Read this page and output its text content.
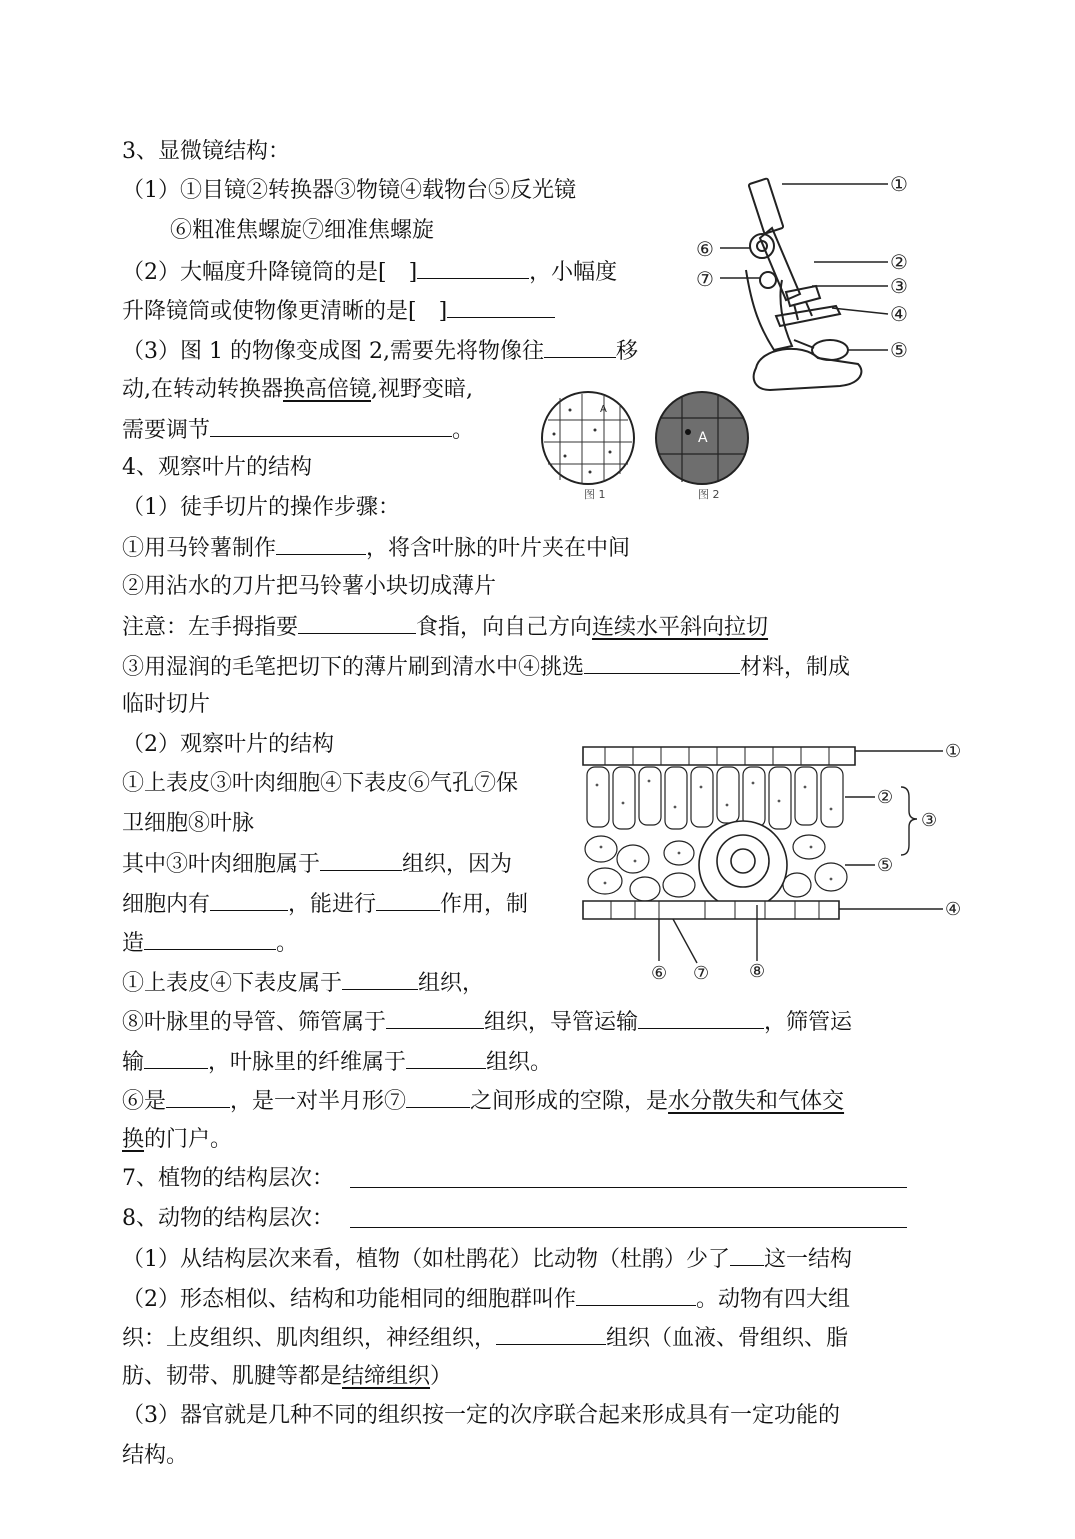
3、显微镜结构：
（1）①目镜②转换器③物镜④载物台⑤反光镜
⑥粗准焦螺旋⑦细准焦螺旋
（2）大幅度升降镜筒的是[　]	，小幅度
升降镜筒或使物像更清晰的是[　]
（3）图 1 的物像变成图 2,需要先将物像往	移
动,在转动转换器换高倍镜,视野变暗,
需要调节	。
①
②
③
④
⑤
⑥
⑦
A
A
图 1	图 2
4、观察叶片的结构
（1）徒手切片的操作步骤：
①用马铃薯制作	，将含叶脉的叶片夹在中间
②用沾水的刀片把马铃薯小块切成薄片
注意：左手拇指要	食指，向自己方向连续水平斜向拉切
③用湿润的毛笔把切下的薄片刷到清水中④挑选	材料，制成
临时切片
（2）观察叶片的结构
①上表皮③叶肉细胞④下表皮⑥气孔⑦保
卫细胞⑧叶脉
其中③叶肉细胞属于	组织，因为
细胞内有	，能进行	作用，制
造	。
①上表皮④下表皮属于	组织，
⑧叶脉里的导管、筛管属于	组织，导管运输	，筛管运
输	，叶脉里的纤维属于	组织。
⑥是	，是一对半月形⑦	之间形成的空隙，是水分散失和气体交
换的门户。
①
②
③
⑤
④
⑥ ⑦ ⑧
7、植物的结构层次：
8、动物的结构层次：
（1）从结构层次来看，植物（如杜鹃花）比动物（杜鹃）少了 这一结构
（2）形态相似、结构和功能相同的细胞群叫作	。动物有四大组
织：上皮组织、肌肉组织，神经组织，	组织（血液、骨组织、脂
肪、韧带、肌腱等都是结缔组织）
（3）器官就是几种不同的组织按一定的次序联合起来形成具有一定功能的
结构。
